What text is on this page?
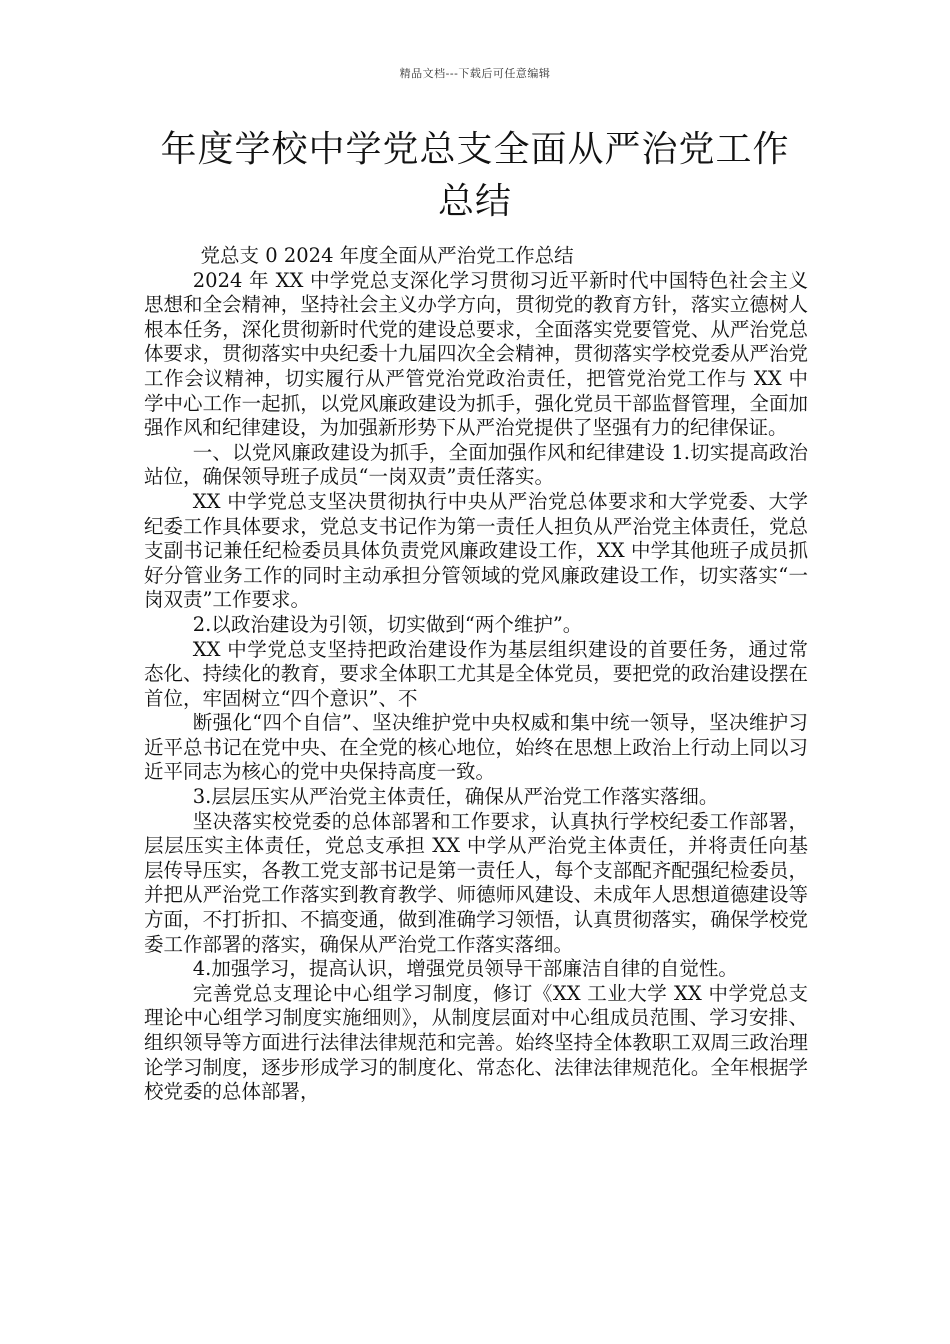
精品文档---下载后可任意编辑
年度学校中学党总支全面从严治党工作总结

党总支 0 2024 年度全面从严治党工作总结

2024 年 XX 中学党总支深化学习贯彻习近平新时代中国特色社会主义思想和全会精神，坚持社会主义办学方向，贯彻党的教育方针，落实立德树人根本任务，深化贯彻新时代党的建设总要求，全面落实党要管党、从严治党总体要求，贯彻落实中央纪委十九届四次全会精神，贯彻落实学校党委从严治党工作会议精神，切实履行从严管党治党政治责任，把管党治党工作与 XX 中学中心工作一起抓，以党风廉政建设为抓手，强化党员干部监督管理，全面加强作风和纪律建设，为加强新形势下从严治党提供了坚强有力的纪律保证。

一、以党风廉政建设为抓手，全面加强作风和纪律建设 1.切实提高政治站位，确保领导班子成员“一岗双责”责任落实。

XX 中学党总支坚决贯彻执行中央从严治党总体要求和大学党委、大学纪委工作具体要求，党总支书记作为第一责任人担负从严治党主体责任，党总支副书记兼任纪检委员具体负责党风廉政建设工作，XX 中学其他班子成员抓好分管业务工作的同时主动承担分管领域的党风廉政建设工作，切实落实“一岗双责”工作要求。

2.以政治建设为引领，切实做到“两个维护”。

XX 中学党总支坚持把政治建设作为基层组织建设的首要任务，通过常态化、持续化的教育，要求全体职工尤其是全体党员，要把党的政治建设摆在首位，牢固树立“四个意识”、不

断强化“四个自信”、坚决维护党中央权威和集中统一领导，坚决维护习近平总书记在党中央、在全党的核心地位，始终在思想上政治上行动上同以习近平同志为核心的党中央保持高度一致。

3.层层压实从严治党主体责任，确保从严治党工作落实落细。

坚决落实校党委的总体部署和工作要求，认真执行学校纪委工作部署，层层压实主体责任，党总支承担 XX 中学从严治党主体责任，并将责任向基层传导压实，各教工党支部书记是第一责任人，每个支部配齐配强纪检委员，并把从严治党工作落实到教育教学、师德师风建设、未成年人思想道德建设等方面，不打折扣、不搞变通，做到准确学习领悟，认真贯彻落实，确保学校党委工作部署的落实，确保从严治党工作落实落细。

4.加强学习，提高认识，增强党员领导干部廉洁自律的自觉性。

完善党总支理论中心组学习制度，修订《XX 工业大学 XX 中学党总支理论中心组学习制度实施细则》，从制度层面对中心组成员范围、学习安排、组织领导等方面进行法律法律规范和完善。始终坚持全体教职工双周三政治理论学习制度，逐步形成学习的制度化、常态化、法律法律规范化。全年根据学校党委的总体部署，
